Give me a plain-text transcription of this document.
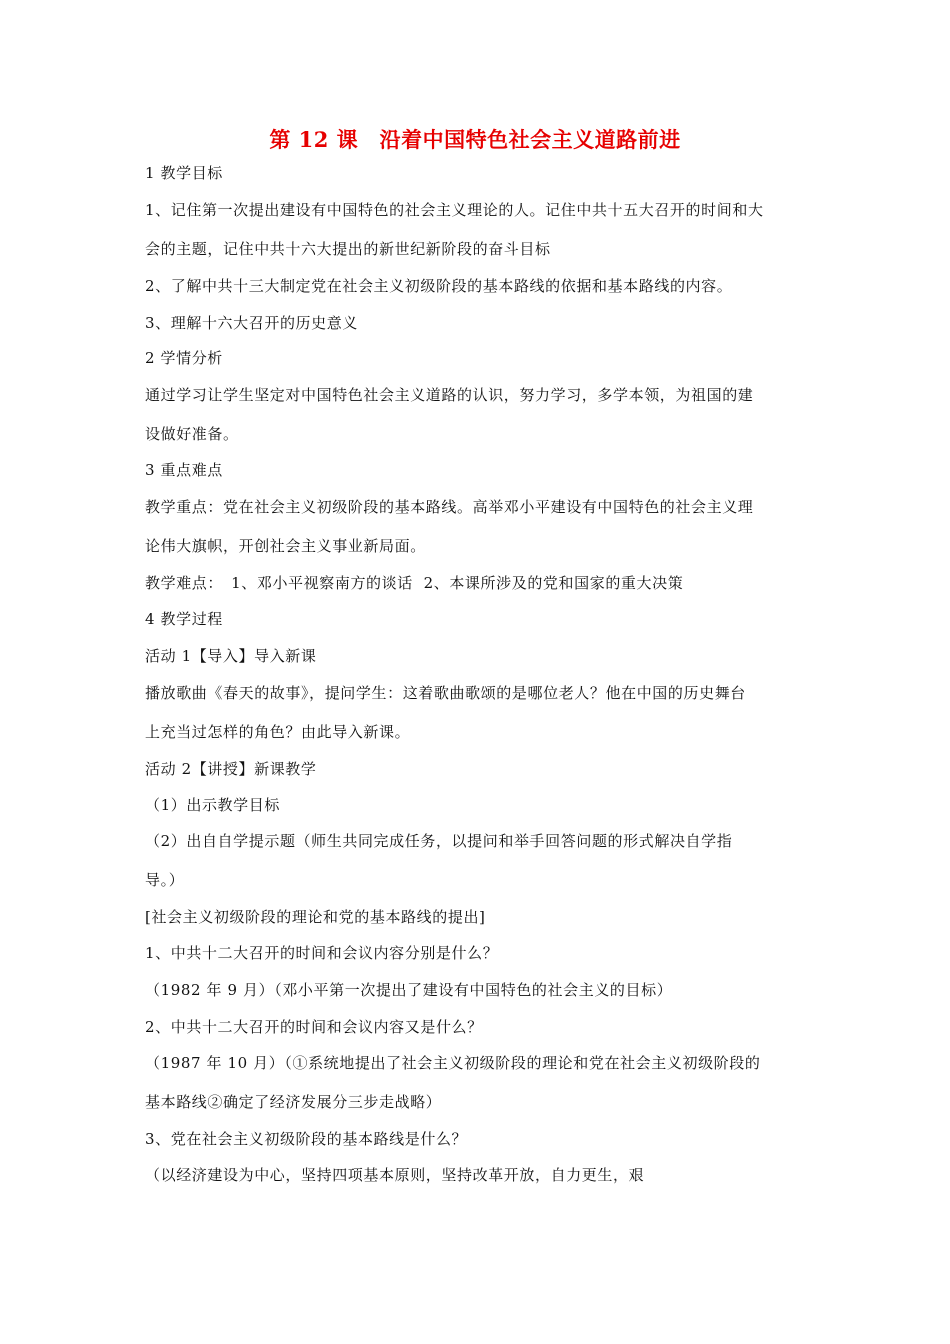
第 12 课　沿着中国特色社会主义道路前进
1 教学目标
1、记住第一次提出建设有中国特色的社会主义理论的人。记住中共十五大召开的时间和大
会的主题，记住中共十六大提出的新世纪新阶段的奋斗目标
2、了解中共十三大制定党在社会主义初级阶段的基本路线的依据和基本路线的内容。
3、理解十六大召开的历史意义
2 学情分析
通过学习让学生坚定对中国特色社会主义道路的认识，努力学习，多学本领，为祖国的建
设做好准备。
3 重点难点
教学重点：党在社会主义初级阶段的基本路线。高举邓小平建设有中国特色的社会主义理
论伟大旗帜，开创社会主义事业新局面。
教学难点：　1、邓小平视察南方的谈话  2、本课所涉及的党和国家的重大决策
4 教学过程
活动 1【导入】导入新课
播放歌曲《春天的故事》，提问学生：这着歌曲歌颂的是哪位老人？他在中国的历史舞台
上充当过怎样的角色？由此导入新课。
活动 2【讲授】新课教学
（1）出示教学目标
（2）出自自学提示题（师生共同完成任务，以提问和举手回答问题的形式解决自学指
导。）
[社会主义初级阶段的理论和党的基本路线的提出]
1、中共十二大召开的时间和会议内容分别是什么？
（1982 年 9 月）（邓小平第一次提出了建设有中国特色的社会主义的目标）
2、中共十二大召开的时间和会议内容又是什么？
（1987 年 10 月）（①系统地提出了社会主义初级阶段的理论和党在社会主义初级阶段的
基本路线②确定了经济发展分三步走战略）
3、党在社会主义初级阶段的基本路线是什么？
（以经济建设为中心，坚持四项基本原则，坚持改革开放，自力更生，艰
